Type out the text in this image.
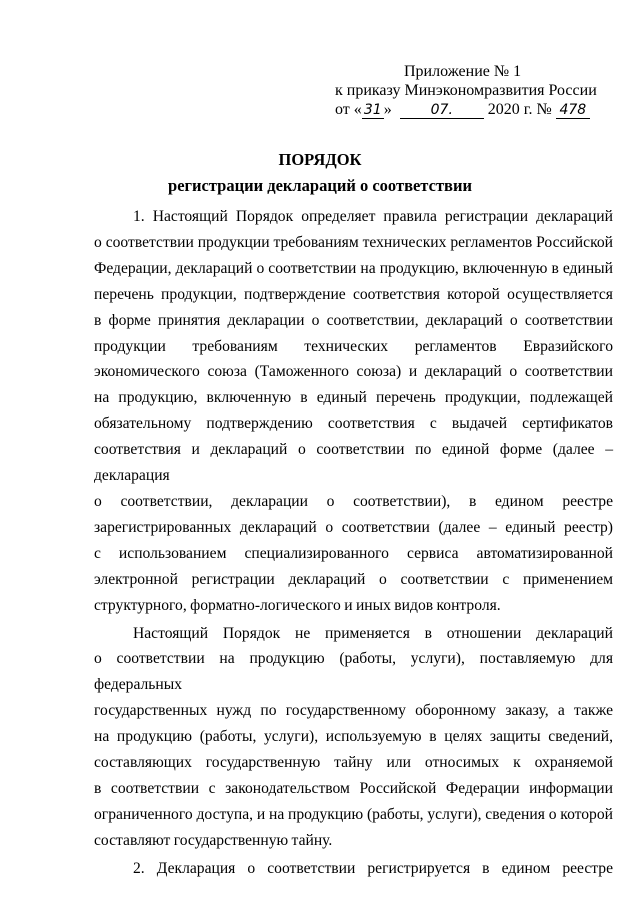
Приложение № 1
к приказу Минэкономразвития России
от « 31 »	07. 2020 г. № 478
ПОРЯДОК
регистрации деклараций о соответствии
1. Настоящий Порядок определяет правила регистрации деклараций
о соответствии продукции требованиям технических регламентов Российской
Федерации, деклараций о соответствии на продукцию, включенную в единый
перечень продукции, подтверждение соответствия которой осуществляется
в форме принятия декларации о соответствии, деклараций о соответствии
продукции требованиям технических регламентов Евразийского
экономического союза (Таможенного союза) и деклараций о соответствии
на продукцию, включенную в единый перечень продукции, подлежащей
обязательному подтверждению соответствия с выдачей сертификатов
соответствия и деклараций о соответствии по единой форме (далее – декларация
о соответствии, декларации о соответствии), в едином реестре
зарегистрированных деклараций о соответствии (далее – единый реестр)
с использованием специализированного сервиса автоматизированной
электронной регистрации деклараций о соответствии с применением
структурного, форматно-логического и иных видов контроля.
Настоящий Порядок не применяется в отношении деклараций
о соответствии на продукцию (работы, услуги), поставляемую для федеральных
государственных нужд по государственному оборонному заказу, а также
на продукцию (работы, услуги), используемую в целях защиты сведений,
составляющих государственную тайну или относимых к охраняемой
в соответствии с законодательством Российской Федерации информации
ограниченного доступа, и на продукцию (работы, услуги), сведения о которой
составляют государственную тайну.
2. Декларация о соответствии регистрируется в едином реестре
